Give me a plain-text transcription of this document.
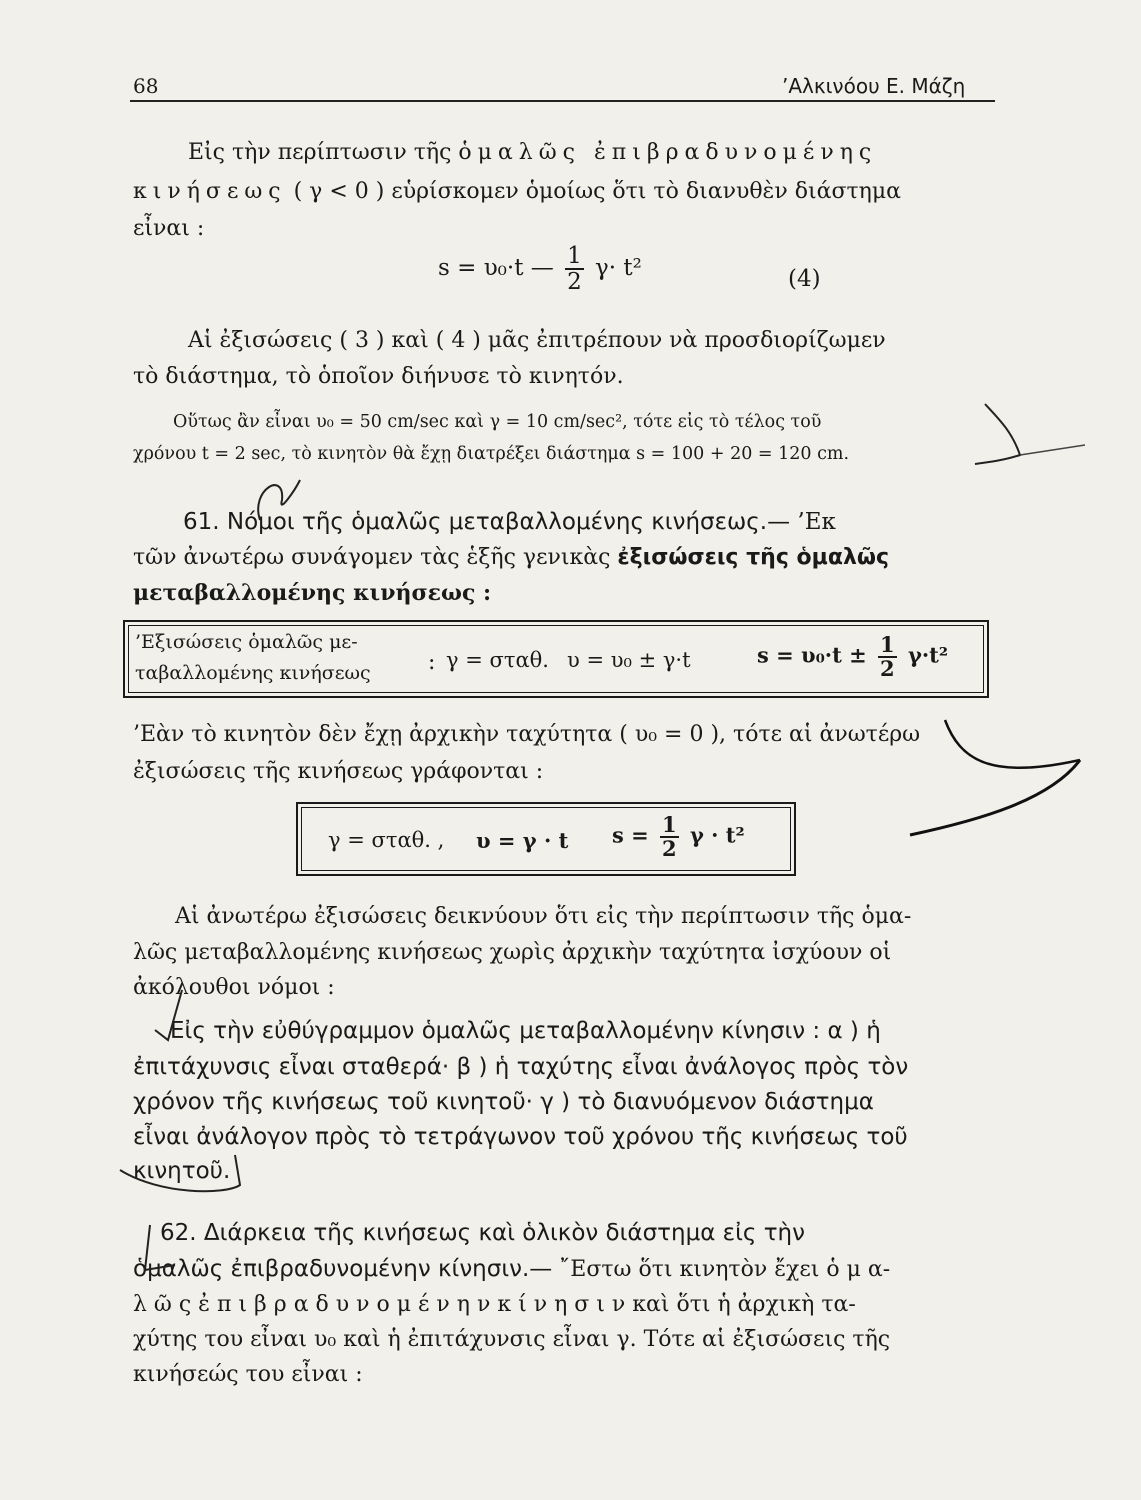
68	’Αλκινόου Ε. Μάζη
Εἰς τὴν περίπτωσιν τῆς ὁμαλῶς ἐπιβραδυνομένης
κινήσεως ( γ < 0 ) εὑρίσκομεν ὁμοίως ὅτι τὸ διανυθὲν διάστημα
εἶναι :
s = υ₀·t — $\frac{1}{2} \gamma\cdot t^2$	(4)
Αἱ ἐξισώσεις ( 3 ) καὶ ( 4 ) μᾶς ἐπιτρέπουν νὰ προσδιορίζωμεν
τὸ διάστημα, τὸ ὁποῖον διήνυσε τὸ κινητόν.
Οὕτως ἂν εἶναι υ₀ = 50 cm/sec καὶ γ = 10 cm/sec², τότε εἰς τὸ τέλος τοῦ
χρόνου t = 2 sec, τὸ κινητὸν θὰ ἔχῃ διατρέξει διάστημα s = 100 + 20 = 120 cm.
61. Νόμοι τῆς ὁμαλῶς μεταβαλλομένης κινήσεως.— ’Εκ
τῶν ἀνωτέρω συνάγομεν τὰς ἑξῆς γενικὰς ἐξισώσεις τῆς ὁμαλῶς
μεταβαλλομένης κινήσεως :
’Εξισώσεις ὁμαλῶς με-
ταβαλλομένης κινήσεως	: γ = σταθ. υ = υ₀ ± γ·t	$s = \upsilon_0\cdot t \pm \frac{1}{2} \gamma\cdot t^2$
’Εὰν τὸ κινητὸν δὲν ἔχῃ ἀρχικὴν ταχύτητα ( υ₀ = 0 ), τότε αἱ ἀνωτέρω
ἐξισώσεις τῆς κινήσεως γράφονται :
γ = σταθ. , υ = γ · t $s = \frac{1}{2}$ γ · t²
Αἱ ἀνωτέρω ἐξισώσεις δεικνύουν ὅτι εἰς τὴν περίπτωσιν τῆς ὁμα-
λῶς μεταβαλλομένης κινήσεως χωρὶς ἀρχικὴν ταχύτητα ἰσχύουν οἱ
ἀκόλουθοι νόμοι :
Εἰς τὴν εὐθύγραμμον ὁμαλῶς μεταβαλλομένην κίνησιν : α ) ἡ
ἐπιτάχυνσις εἶναι σταθερά· β ) ἡ ταχύτης εἶναι ἀνάλογος πρὸς τὸν
χρόνον τῆς κινήσεως τοῦ κινητοῦ· γ ) τὸ διανυόμενον διάστημα
εἶναι ἀνάλογον πρὸς τὸ τετράγωνον τοῦ χρόνου τῆς κινήσεως τοῦ
κινητοῦ.
62. Διάρκεια τῆς κινήσεως καὶ ὁλικὸν διάστημα εἰς τὴν
ὁμαλῶς ἐπιβραδυνομένην κίνησιν.— ῎Εστω ὅτι κινητὸν ἔχει ὁ μ α-
λ ῶ ς ἐ π ι β ρ α δ υ ν ο μ έ ν η ν κ ί ν η σ ι ν καὶ ὅτι ἡ ἀρχικὴ τα-
χύτης του εἶναι υ₀ καὶ ἡ ἐπιτάχυνσις εἶναι γ. Τότε αἱ ἐξισώσεις τῆς
κινήσεώς του εἶναι :
